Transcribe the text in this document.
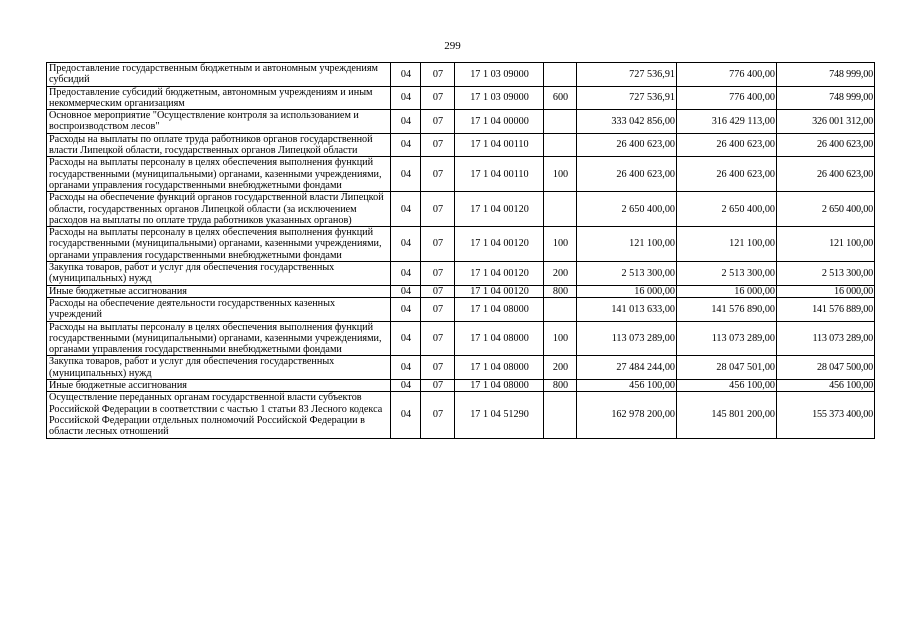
299
Предоставление государственным бюджетным и автономным учреждениям субсидий	04	07	17 1 03 09000		727 536,91	776 400,00	748 999,00
Предоставление субсидий бюджетным, автономным учреждениям и иным некоммерческим организациям	04	07	17 1 03 09000	600	727 536,91	776 400,00	748 999,00
Основное мероприятие "Осуществление контроля за использованием и воспроизводством лесов"	04	07	17 1 04 00000		333 042 856,00	316 429 113,00	326 001 312,00
Расходы на выплаты по оплате труда работников органов государственной власти Липецкой области, государственных органов Липецкой области	04	07	17 1 04 00110		26 400 623,00	26 400 623,00	26 400 623,00
Расходы на выплаты персоналу в целях обеспечения выполнения функций государственными (муниципальными) органами, казенными учреждениями, органами управления государственными внебюджетными фондами	04	07	17 1 04 00110	100	26 400 623,00	26 400 623,00	26 400 623,00
Расходы на обеспечение функций органов государственной власти Липецкой области, государственных органов Липецкой области (за исключением расходов на выплаты по оплате труда работников указанных органов)	04	07	17 1 04 00120		2 650 400,00	2 650 400,00	2 650 400,00
Расходы на выплаты персоналу в целях обеспечения выполнения функций государственными (муниципальными) органами, казенными учреждениями, органами управления государственными внебюджетными фондами	04	07	17 1 04 00120	100	121 100,00	121 100,00	121 100,00
Закупка товаров, работ и услуг для обеспечения государственных (муниципальных) нужд	04	07	17 1 04 00120	200	2 513 300,00	2 513 300,00	2 513 300,00
Иные бюджетные ассигнования	04	07	17 1 04 00120	800	16 000,00	16 000,00	16 000,00
Расходы на обеспечение деятельности государственных казенных учреждений	04	07	17 1 04 08000		141 013 633,00	141 576 890,00	141 576 889,00
Расходы на выплаты персоналу в целях обеспечения выполнения функций государственными (муниципальными) органами, казенными учреждениями, органами управления государственными внебюджетными фондами	04	07	17 1 04 08000	100	113 073 289,00	113 073 289,00	113 073 289,00
Закупка товаров, работ и услуг для обеспечения государственных (муниципальных) нужд	04	07	17 1 04 08000	200	27 484 244,00	28 047 501,00	28 047 500,00
Иные бюджетные ассигнования	04	07	17 1 04 08000	800	456 100,00	456 100,00	456 100,00
Осуществление переданных органам государственной власти субъектов Российской Федерации в соответствии с частью 1 статьи 83 Лесного кодекса Российской Федерации отдельных полномочий Российской Федерации в области лесных отношений	04	07	17 1 04 51290		162 978 200,00	145 801 200,00	155 373 400,00
